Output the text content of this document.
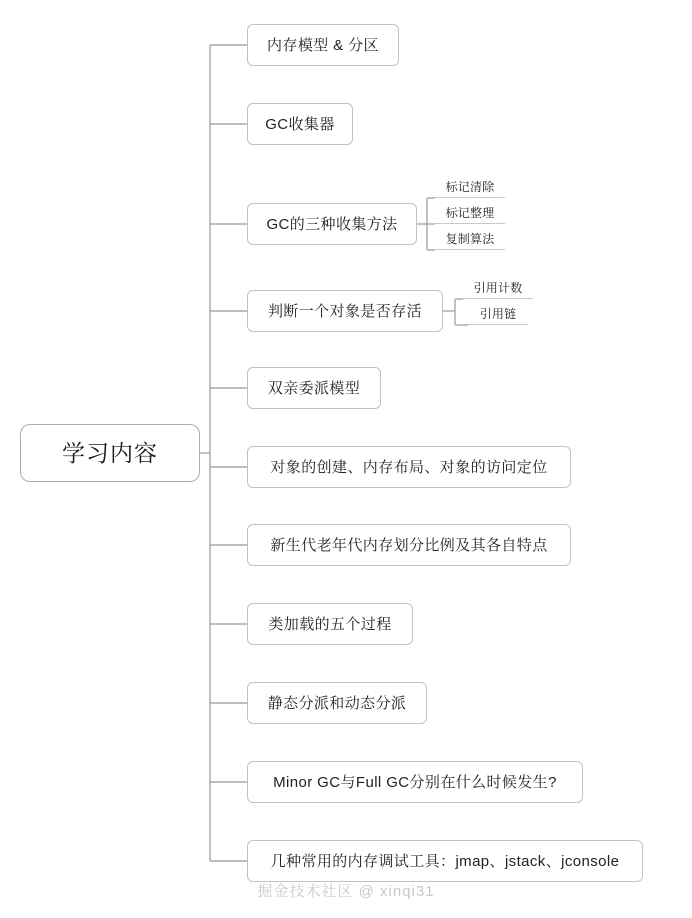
学习内容
内存模型 & 分区
GC收集器
GC的三种收集方法
标记清除
标记整理
复制算法
判断一个对象是否存活
引用计数
引用链
双亲委派模型
对象的创建、内存布局、对象的访问定位
新生代老年代内存划分比例及其各自特点
类加载的五个过程
静态分派和动态分派
Minor GC与Full GC分别在什么时候发生?
几种常用的内存调试工具：jmap、jstack、jconsole
掘金技术社区 @ xinqi31
